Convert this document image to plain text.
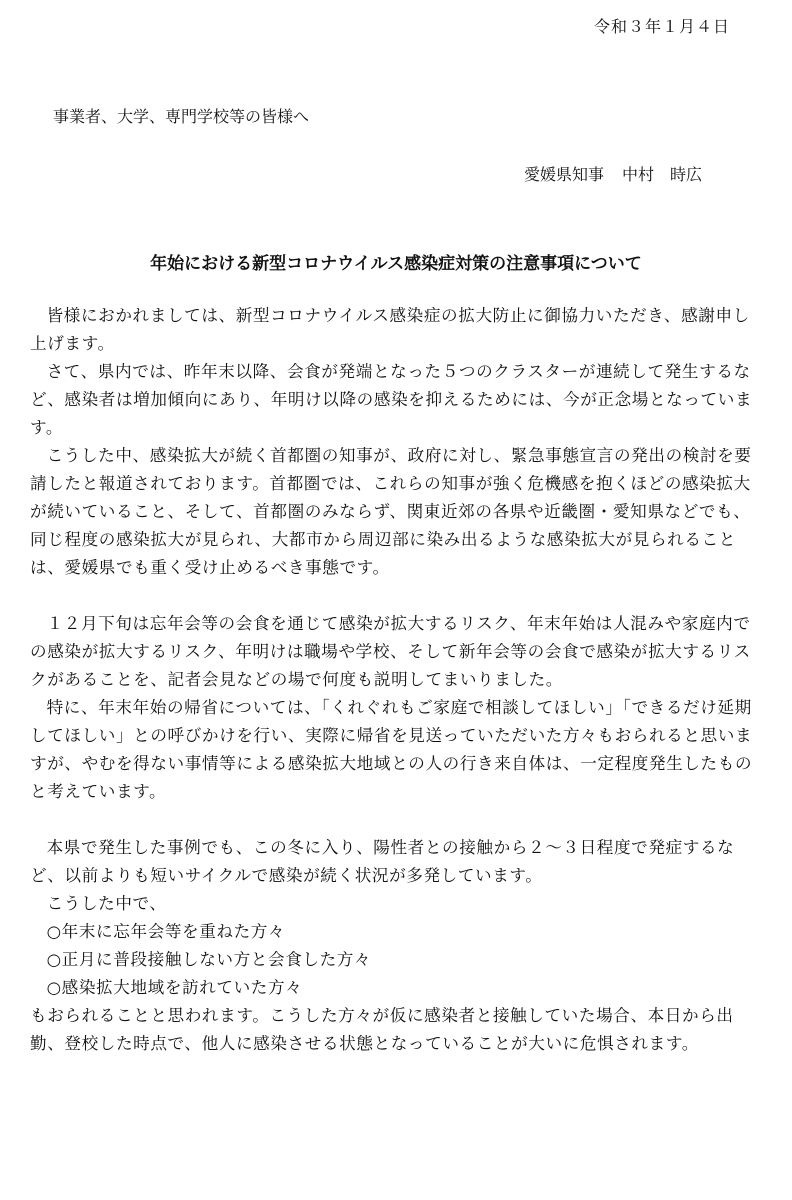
令和３年１月４日
事業者、大学、専門学校等の皆様へ
愛媛県知事 中村　時広
年始における新型コロナウイルス感染症対策の注意事項について

皆様におかれましては、新型コロナウイルス感染症の拡大防止に御協力いただき、感謝申し上げます。

さて、県内では、昨年末以降、会食が発端となった５つのクラスターが連続して発生するなど、感染者は増加傾向にあり、年明け以降の感染を抑えるためには、今が正念場となっています。

こうした中、感染拡大が続く首都圏の知事が、政府に対し、緊急事態宣言の発出の検討を要請したと報道されております。首都圏では、これらの知事が強く危機感を抱くほどの感染拡大が続いていること、そして、首都圏のみならず、関東近郊の各県や近畿圏・愛知県などでも、同じ程度の感染拡大が見られ、大都市から周辺部に染み出るような感染拡大が見られることは、愛媛県でも重く受け止めるべき事態です。

１２月下旬は忘年会等の会食を通じて感染が拡大するリスク、年末年始は人混みや家庭内での感染が拡大するリスク、年明けは職場や学校、そして新年会等の会食で感染が拡大するリスクがあることを、記者会見などの場で何度も説明してまいりました。

特に、年末年始の帰省については、「くれぐれもご家庭で相談してほしい」「できるだけ延期してほしい」との呼びかけを行い、実際に帰省を見送っていただいた方々もおられると思いますが、やむを得ない事情等による感染拡大地域との人の行き来自体は、一定程度発生したものと考えています。

本県で発生した事例でも、この冬に入り、陽性者との接触から２～３日程度で発症するなど、以前よりも短いサイクルで感染が続く状況が多発しています。

こうした中で、

○年末に忘年会等を重ねた方々

○正月に普段接触しない方と会食した方々

○感染拡大地域を訪れていた方々

もおられることと思われます。こうした方々が仮に感染者と接触していた場合、本日から出勤、登校した時点で、他人に感染させる状態となっていることが大いに危惧されます。
